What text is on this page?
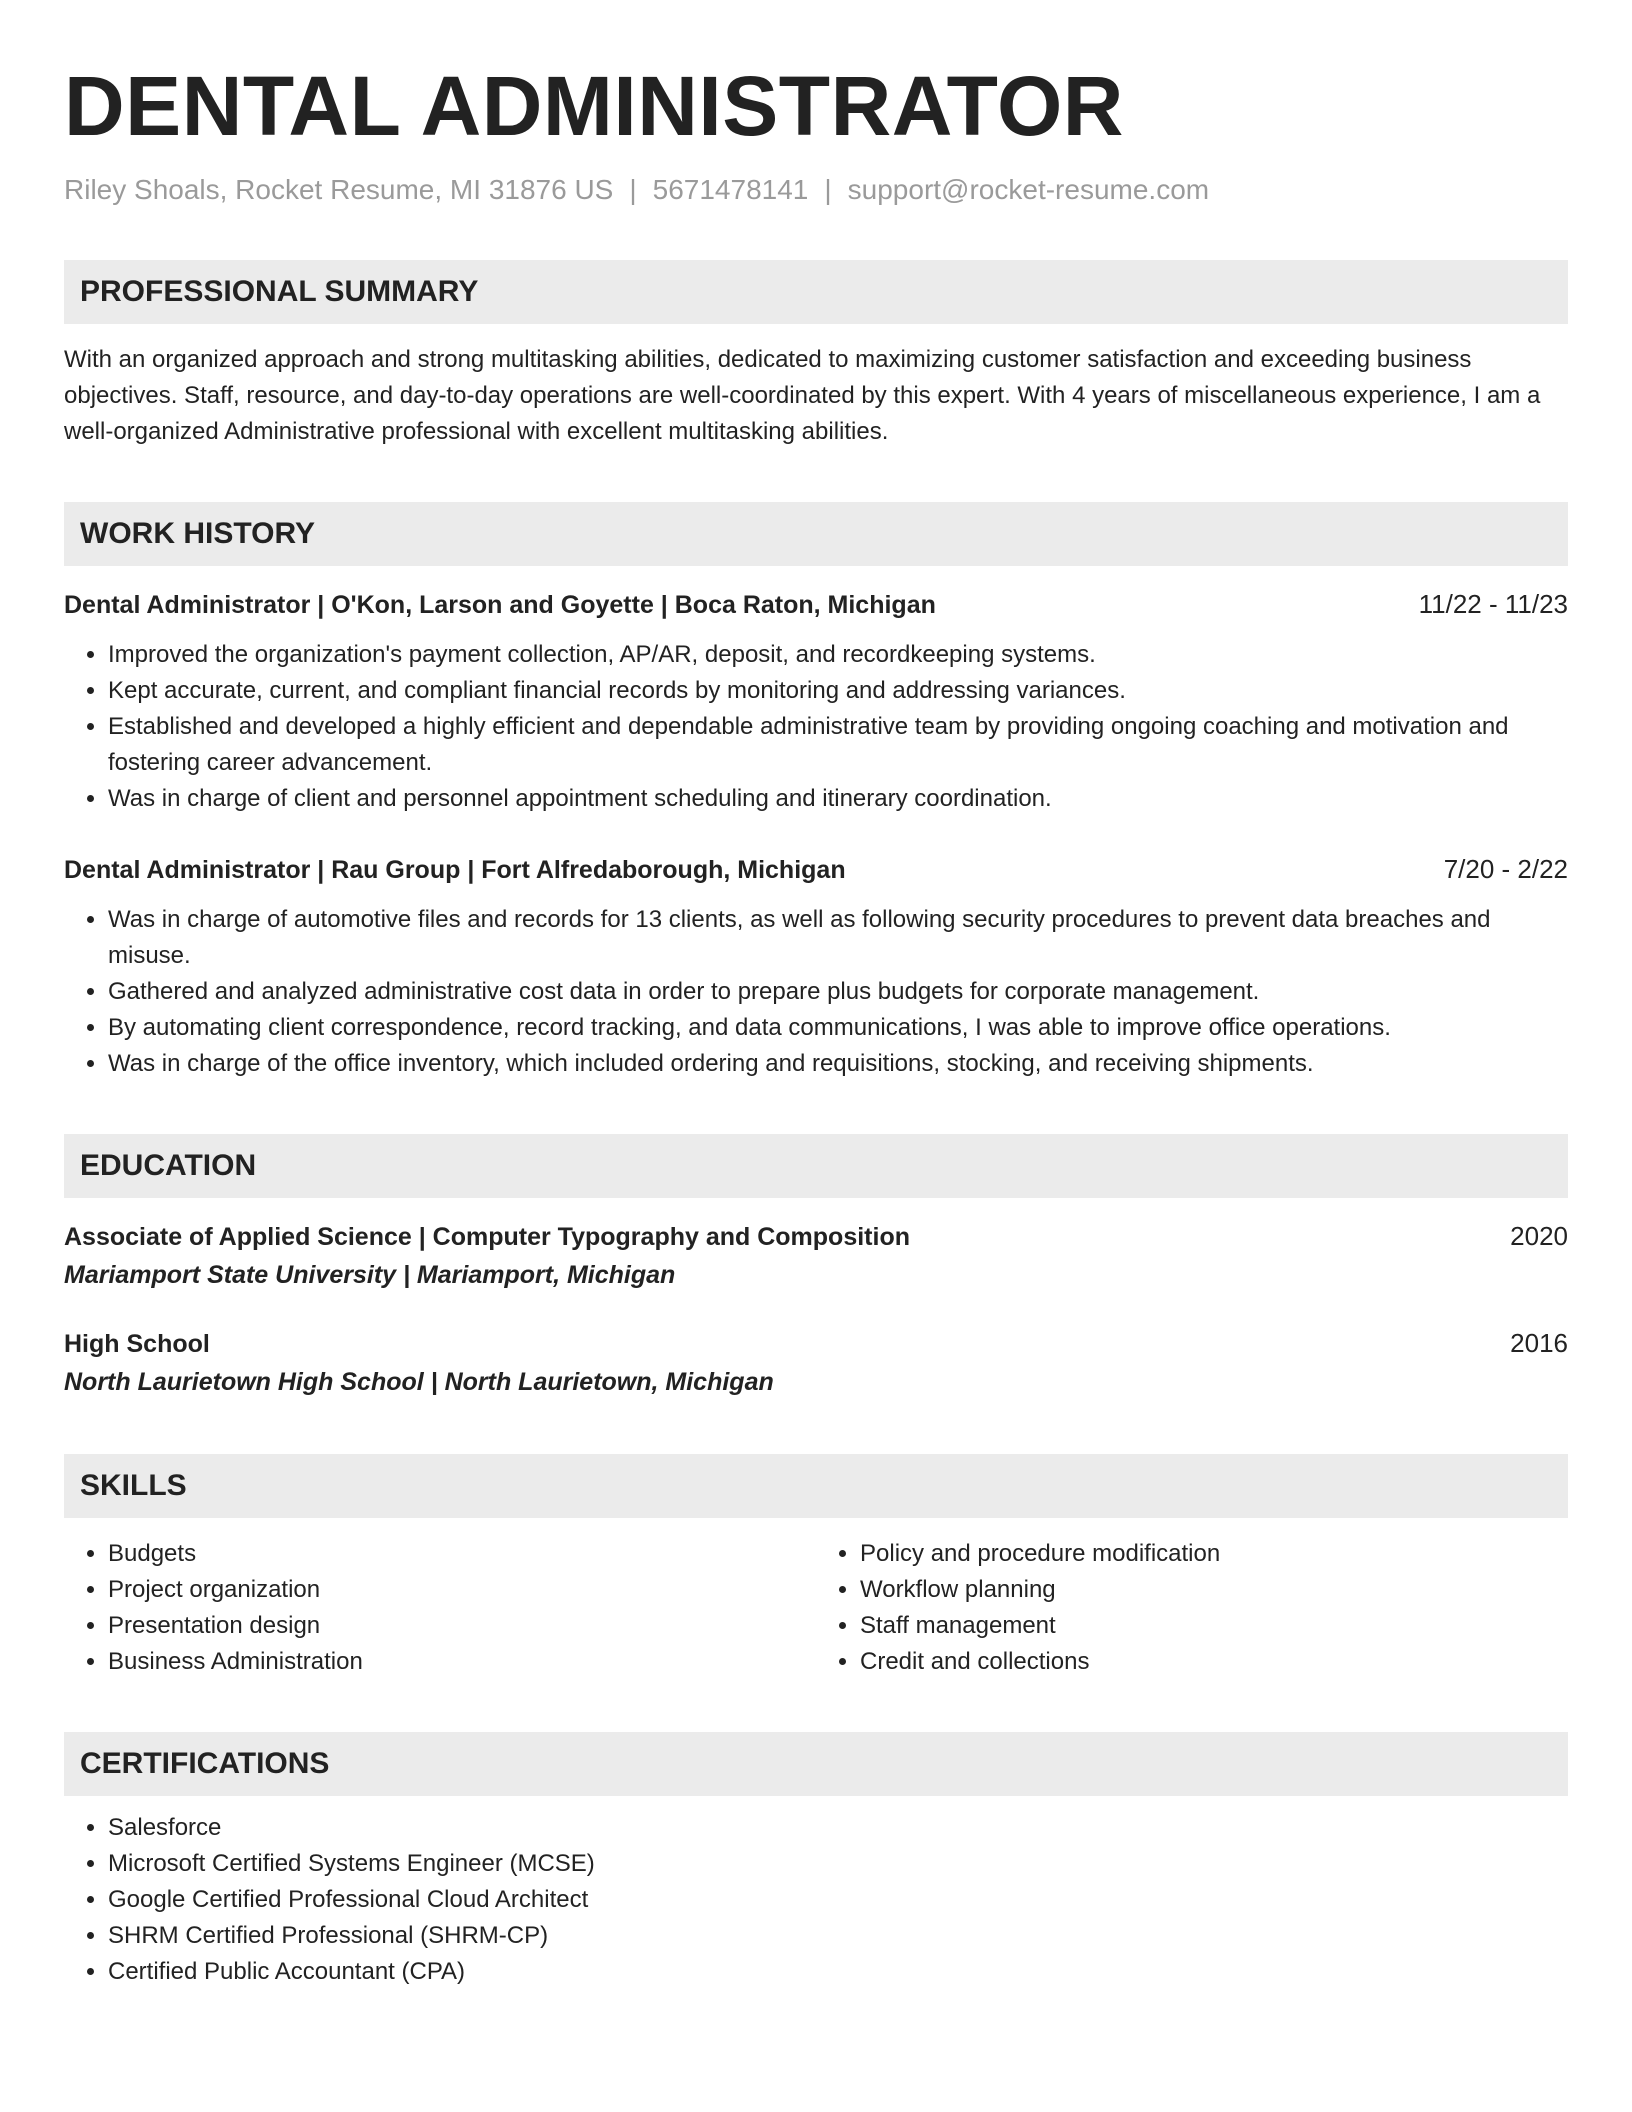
DENTAL ADMINISTRATOR
Riley Shoals, Rocket Resume, MI 31876 US | 5671478141 | support@rocket-resume.com
PROFESSIONAL SUMMARY
With an organized approach and strong multitasking abilities, dedicated to maximizing customer satisfaction and exceeding business objectives. Staff, resource, and day-to-day operations are well-coordinated by this expert. With 4 years of miscellaneous experience, I am a well-organized Administrative professional with excellent multitasking abilities.
WORK HISTORY
Dental Administrator | O'Kon, Larson and Goyette | Boca Raton, Michigan	11/22 - 11/23
• Improved the organization's payment collection, AP/AR, deposit, and recordkeeping systems.
• Kept accurate, current, and compliant financial records by monitoring and addressing variances.
• Established and developed a highly efficient and dependable administrative team by providing ongoing coaching and motivation and fostering career advancement.
• Was in charge of client and personnel appointment scheduling and itinerary coordination.
Dental Administrator | Rau Group | Fort Alfredaborough, Michigan	7/20 - 2/22
• Was in charge of automotive files and records for 13 clients, as well as following security procedures to prevent data breaches and misuse.
• Gathered and analyzed administrative cost data in order to prepare plus budgets for corporate management.
• By automating client correspondence, record tracking, and data communications, I was able to improve office operations.
• Was in charge of the office inventory, which included ordering and requisitions, stocking, and receiving shipments.
EDUCATION
Associate of Applied Science | Computer Typography and Composition	2020
Mariamport State University | Mariamport, Michigan
High School	2016
North Laurietown High School | North Laurietown, Michigan
SKILLS
• Budgets
• Project organization
• Presentation design
• Business Administration
• Policy and procedure modification
• Workflow planning
• Staff management
• Credit and collections
CERTIFICATIONS
• Salesforce
• Microsoft Certified Systems Engineer (MCSE)
• Google Certified Professional Cloud Architect
• SHRM Certified Professional (SHRM-CP)
• Certified Public Accountant (CPA)
